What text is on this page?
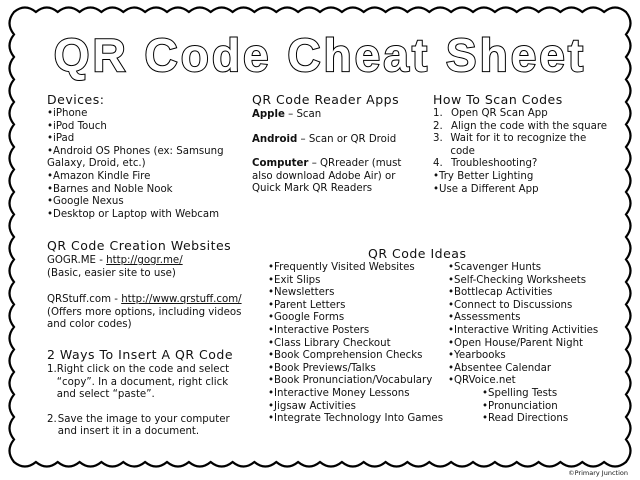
QR Code Cheat Sheet
Devices:
• iPhone
• iPod Touch
• iPad
• Android OS Phones (ex: Samsung Galaxy, Droid, etc.)
• Amazon Kindle Fire
• Barnes and Noble Nook
• Google Nexus
• Desktop or Laptop with Webcam
QR Code Reader Apps
Apple – Scan
Android – Scan or QR Droid
Computer – QRreader (must also download Adobe Air) or Quick Mark QR Readers
How To Scan Codes
1. Open QR Scan App
2. Align the code with the square
3. Wait for it to recognize the code
4. Troubleshooting?
• Try Better Lighting
• Use a Different App
QR Code Creation Websites
GOGR.ME - http://gogr.me/
(Basic, easier site to use)
QRStuff.com - http://www.qrstuff.com/
(Offers more options, including videos and color codes)
2 Ways To Insert A QR Code
1. Right click on the code and select “copy”. In a document, right click and select “paste”.
2. Save the image to your computer and insert it in a document.
QR Code Ideas
• Frequently Visited Websites
• Exit Slips
• Newsletters
• Parent Letters
• Google Forms
• Interactive Posters
• Class Library Checkout
• Book Comprehension Checks
• Book Previews/Talks
• Book Pronunciation/Vocabulary
• Interactive Money Lessons
• Jigsaw Activities
• Integrate Technology Into Games
• Scavenger Hunts
• Self-Checking Worksheets
• Bottlecap Activities
• Connect to Discussions
• Assessments
• Interactive Writing Activities
• Open House/Parent Night
• Yearbooks
• Absentee Calendar
• QRVoice.net
• Spelling Tests
• Pronunciation
• Read Directions
©Primary Junction
